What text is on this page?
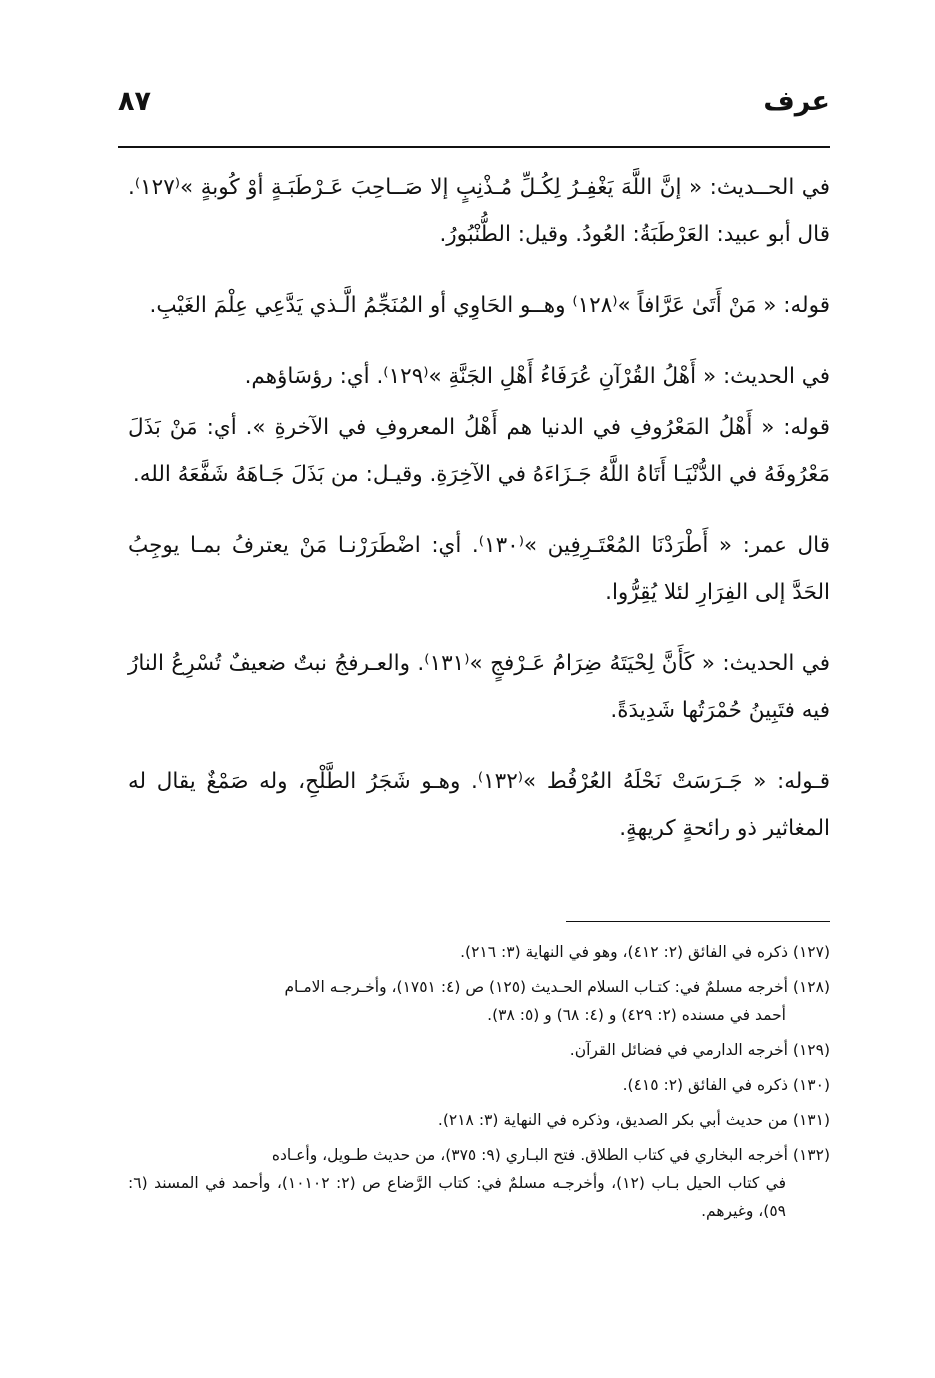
عرف
٨٧

في الحــديث: « إنَّ اللَّهَ يَغْفِـرُ لِكُـلِّ مُـذْنِبٍ إلا صَــاحِبَ عَـرْطَبَـةٍ أوْ كُوبةٍ »⁽١٢٧⁾. قال أبو عبيد: العَرْطَبَةُ: العُودُ. وقيل: الطُّنْبُورُ.

قوله: « مَنْ أَتَىٰ عَرَّافاً »⁽١٢٨⁾ وهــو الحَاوِي أو المُنَجِّمُ الَّـذي يَدَّعِي عِلْمَ الغَيْبِ.

في الحديث: « أَهْلُ القُرْآنِ عُرَفَاءُ أَهْلِ الجَنَّةِ »⁽١٢٩⁾. أي: رؤسَاؤهم.

قوله: « أَهْلُ المَعْرُوفِ في الدنيا هم أَهْلُ المعروفِ في الآخرةِ ». أي: مَنْ بَذَلَ مَعْرُوفَهُ في الدُّنْيَـا أَتَاهُ اللَّهُ جَـزَاءَهُ في الآخِرَةِ. وقيـل: من بَذَلَ جَـاهَهُ شَفَّعَهُ الله.

قال عمر: « أَطْرَدْنَا المُعْتَـرِفِين »⁽١٣٠⁾. أي: اضْطَرَرْنـا مَنْ يعترفُ بمـا يوجِبُ الحَدَّ إلى الفِرَارِ لئلا يُقِرُّوا.

في الحديث: « كَأَنَّ لِحْيَتَهُ ضِرَامُ عَـرْفجٍ »⁽١٣١⁾. والعـرفجُ نبتٌ ضعيفٌ تُسْرِعُ النارُ فيه فتَبِينُ حُمْرَتُها شَدِيدَةً.

قـوله: « جَـرَسَتْ نَحْلَهُ العُرْفُط »⁽١٣٢⁾. وهـو شَجَرُ الطَّلْحِ، وله صَمْغٌ يقال له المغاثير ذو رائحةٍ كريهةٍ.

(١٢٧) ذكره في الفائق (٢: ٤١٢)، وهو في النهاية (٣: ٢١٦).

(١٢٨) أخرجه مسلمٌ في: كتـاب السلام الحـديث (١٢٥) ص (٤: ١٧٥١)، وأخـرجـه الامـام
أحمد في مسنده (٢: ٤٢٩) و (٤: ٦٨) و (٥: ٣٨).

(١٢٩) أخرجه الدارمي في فضائل القرآن.

(١٣٠) ذكره في الفائق (٢: ٤١٥).

(١٣١) من حديث أبي بكر الصديق، وذكره في النهاية (٣: ٢١٨).

(١٣٢) أخرجه البخاري في كتاب الطلاق. فتح البـاري (٩: ٣٧٥)، من حديث طـويل، وأعـاده
في كتاب الحيل بـاب (١٢)، وأخرجـه مسلمٌ في: كتاب الرَّضاع ص (٢: ١٠١٠٢)، وأحمد في المسند (٦: ٥٩)، وغيرهم.
